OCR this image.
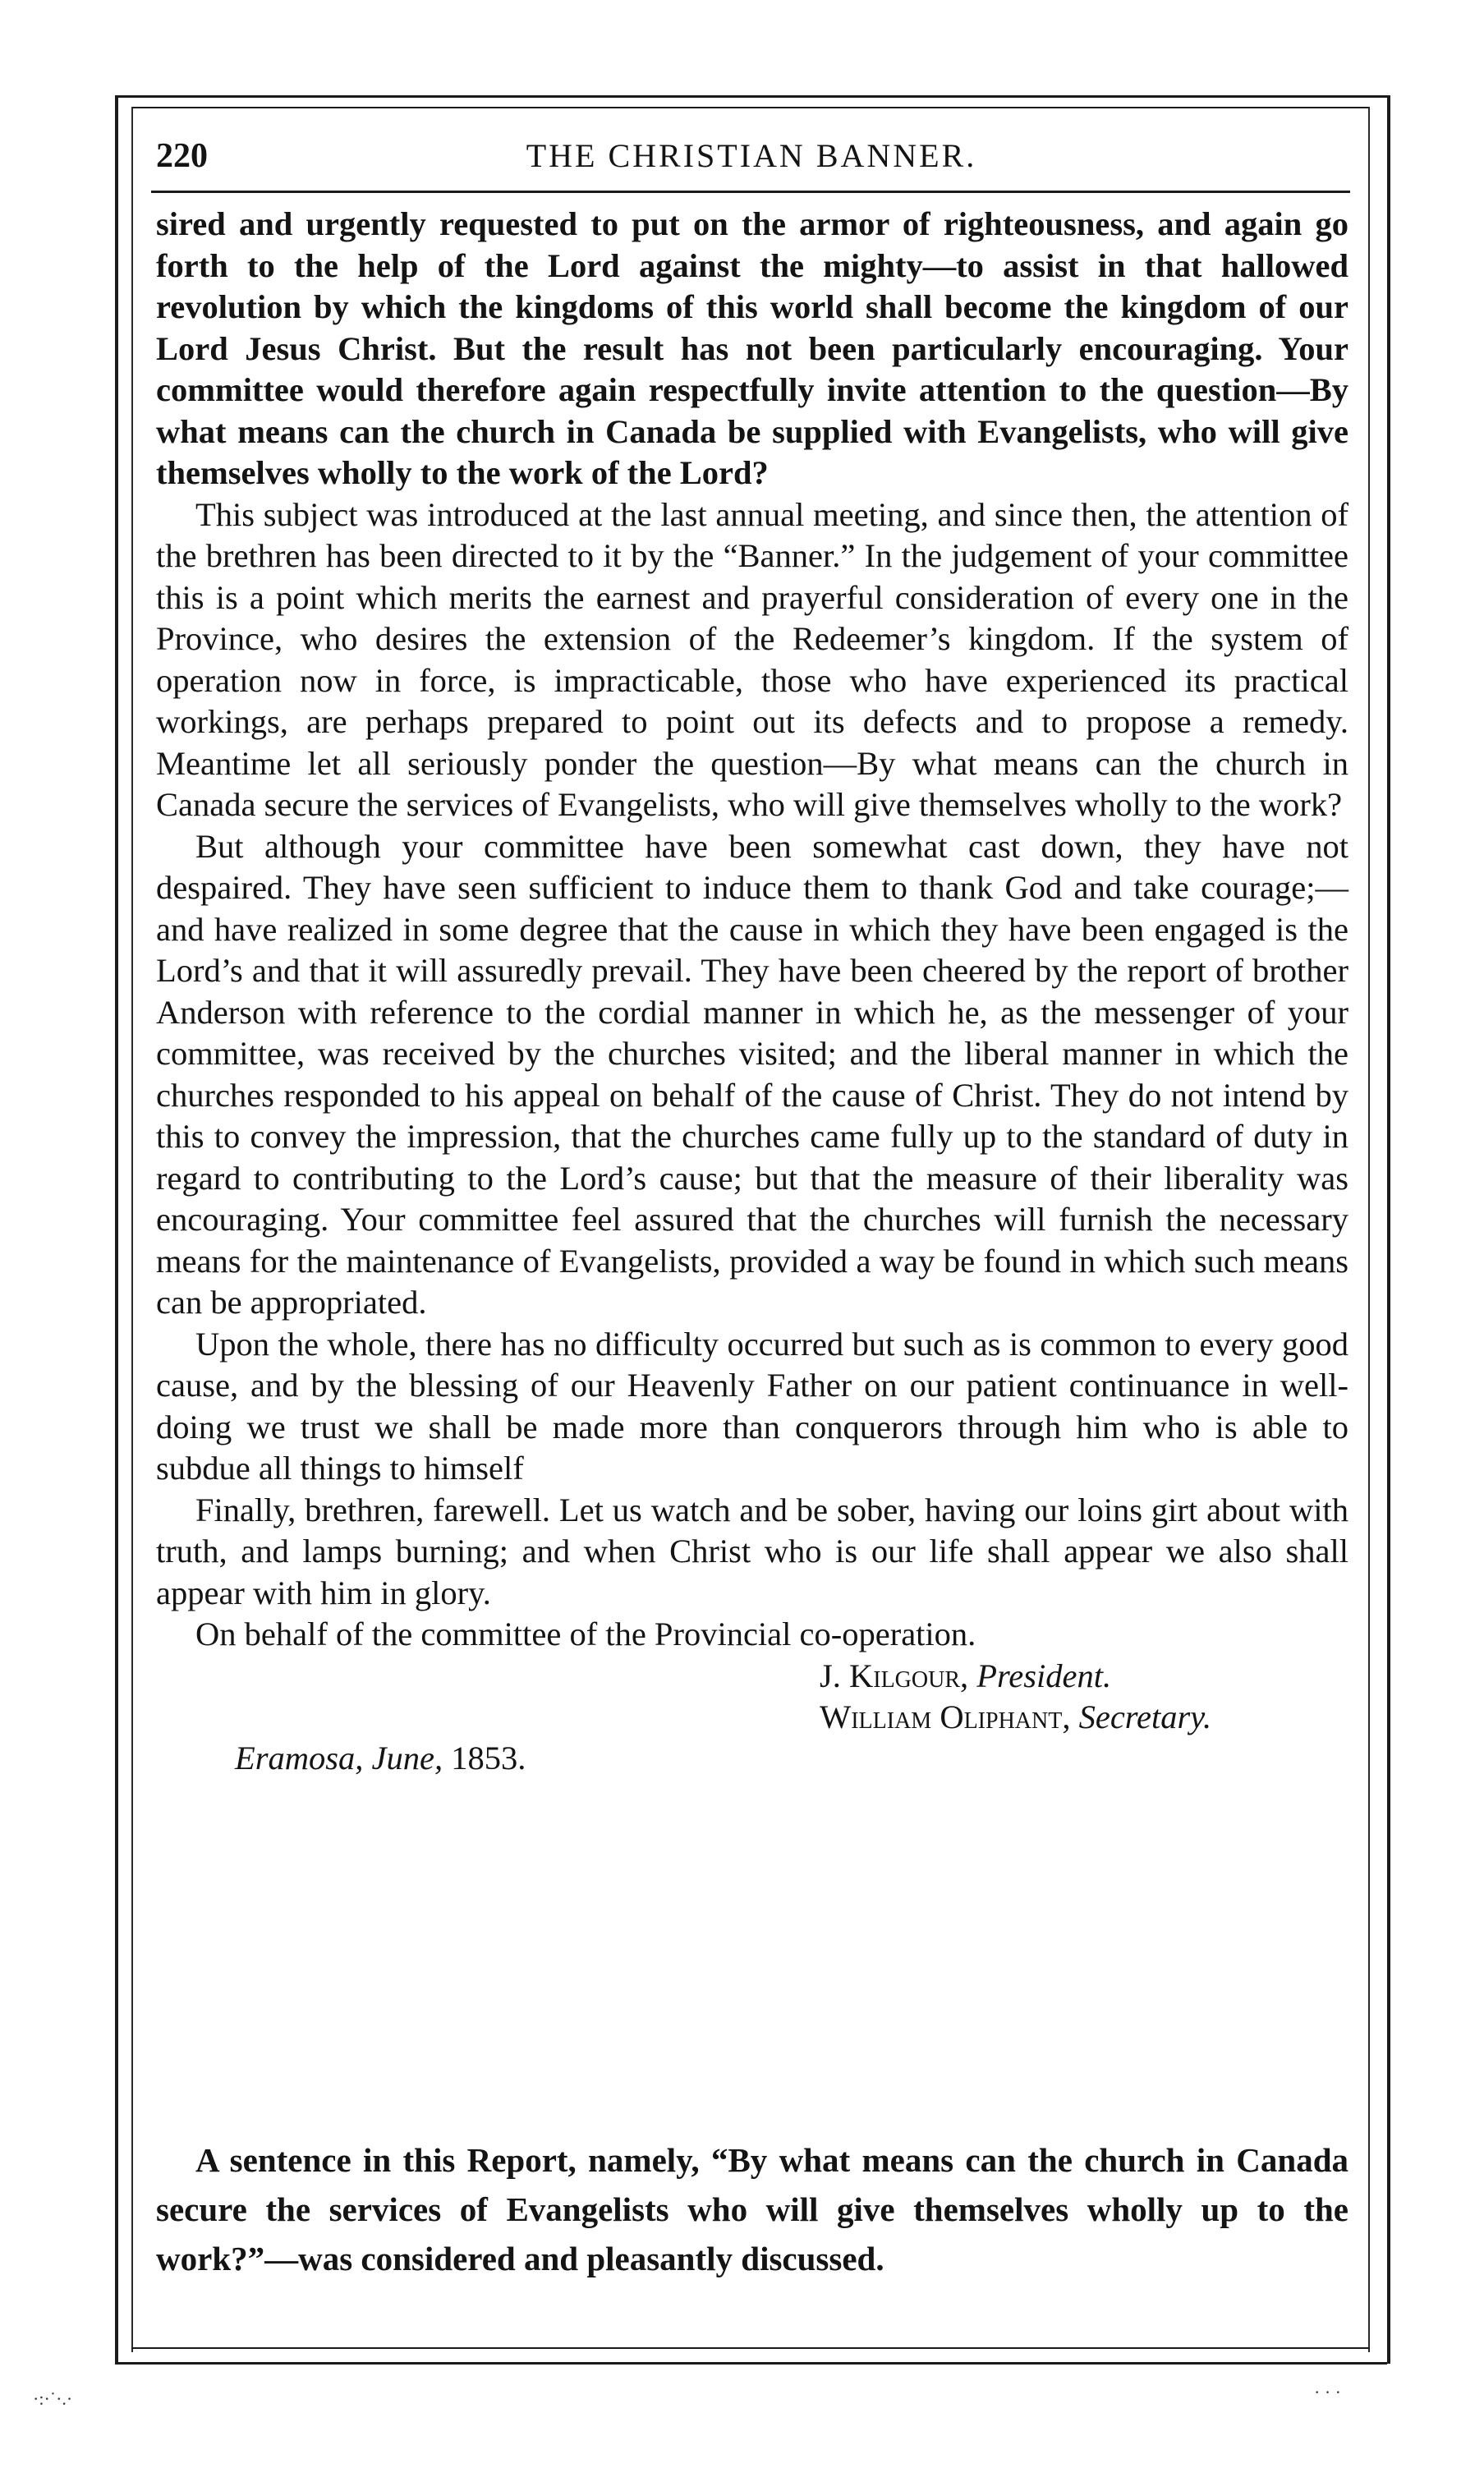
220	THE CHRISTIAN BANNER.

sired and urgently requested to put on the armor of righteousness, and again go forth to the help of the Lord against the mighty—to assist in that hallowed revolution by which the kingdoms of this world shall become the kingdom of our Lord Jesus Christ. But the result has not been particularly encouraging. Your committee would therefore again respectfully invite attention to the question—By what means can the church in Canada be supplied with Evangelists, who will give themselves wholly to the work of the Lord?

This subject was introduced at the last annual meeting, and since then, the attention of the brethren has been directed to it by the “Banner.” In the judgement of your committee this is a point which merits the earnest and prayerful consideration of every one in the Province, who desires the extension of the Redeemer’s kingdom. If the system of operation now in force, is impracticable, those who have experienced its practical workings, are perhaps prepared to point out its defects and to propose a remedy. Meantime let all seriously ponder the question—By what means can the church in Canada secure the services of Evangelists, who will give themselves wholly to the work?

But although your committee have been somewhat cast down, they have not despaired. They have seen sufficient to induce them to thank God and take courage;—and have realized in some degree that the cause in which they have been engaged is the Lord’s and that it will assuredly prevail. They have been cheered by the report of brother Anderson with reference to the cordial manner in which he, as the messenger of your committee, was received by the churches visited; and the liberal manner in which the churches responded to his appeal on behalf of the cause of Christ. They do not intend by this to convey the impression, that the churches came fully up to the standard of duty in regard to contributing to the Lord’s cause; but that the measure of their liberality was encouraging. Your committee feel assured that the churches will furnish the necessary means for the maintenance of Evangelists, provided a way be found in which such means can be appropriated.

Upon the whole, there has no difficulty occurred but such as is common to every good cause, and by the blessing of our Heavenly Father on our patient continuance in well-doing we trust we shall be made more than conquerors through him who is able to subdue all things to himself

Finally, brethren, farewell. Let us watch and be sober, having our loins girt about with truth, and lamps burning; and when Christ who is our life shall appear we also shall appear with him in glory.

On behalf of the committee of the Provincial co-operation.

J. Kilgour, President.

William Oliphant, Secretary.

Eramosa, June, 1853.

A sentence in this Report, namely, “By what means can the church in Canada secure the services of Evangelists who will give themselves wholly up to the work?”—was considered and pleasantly discussed.

·:·˙·.·	· · ·
